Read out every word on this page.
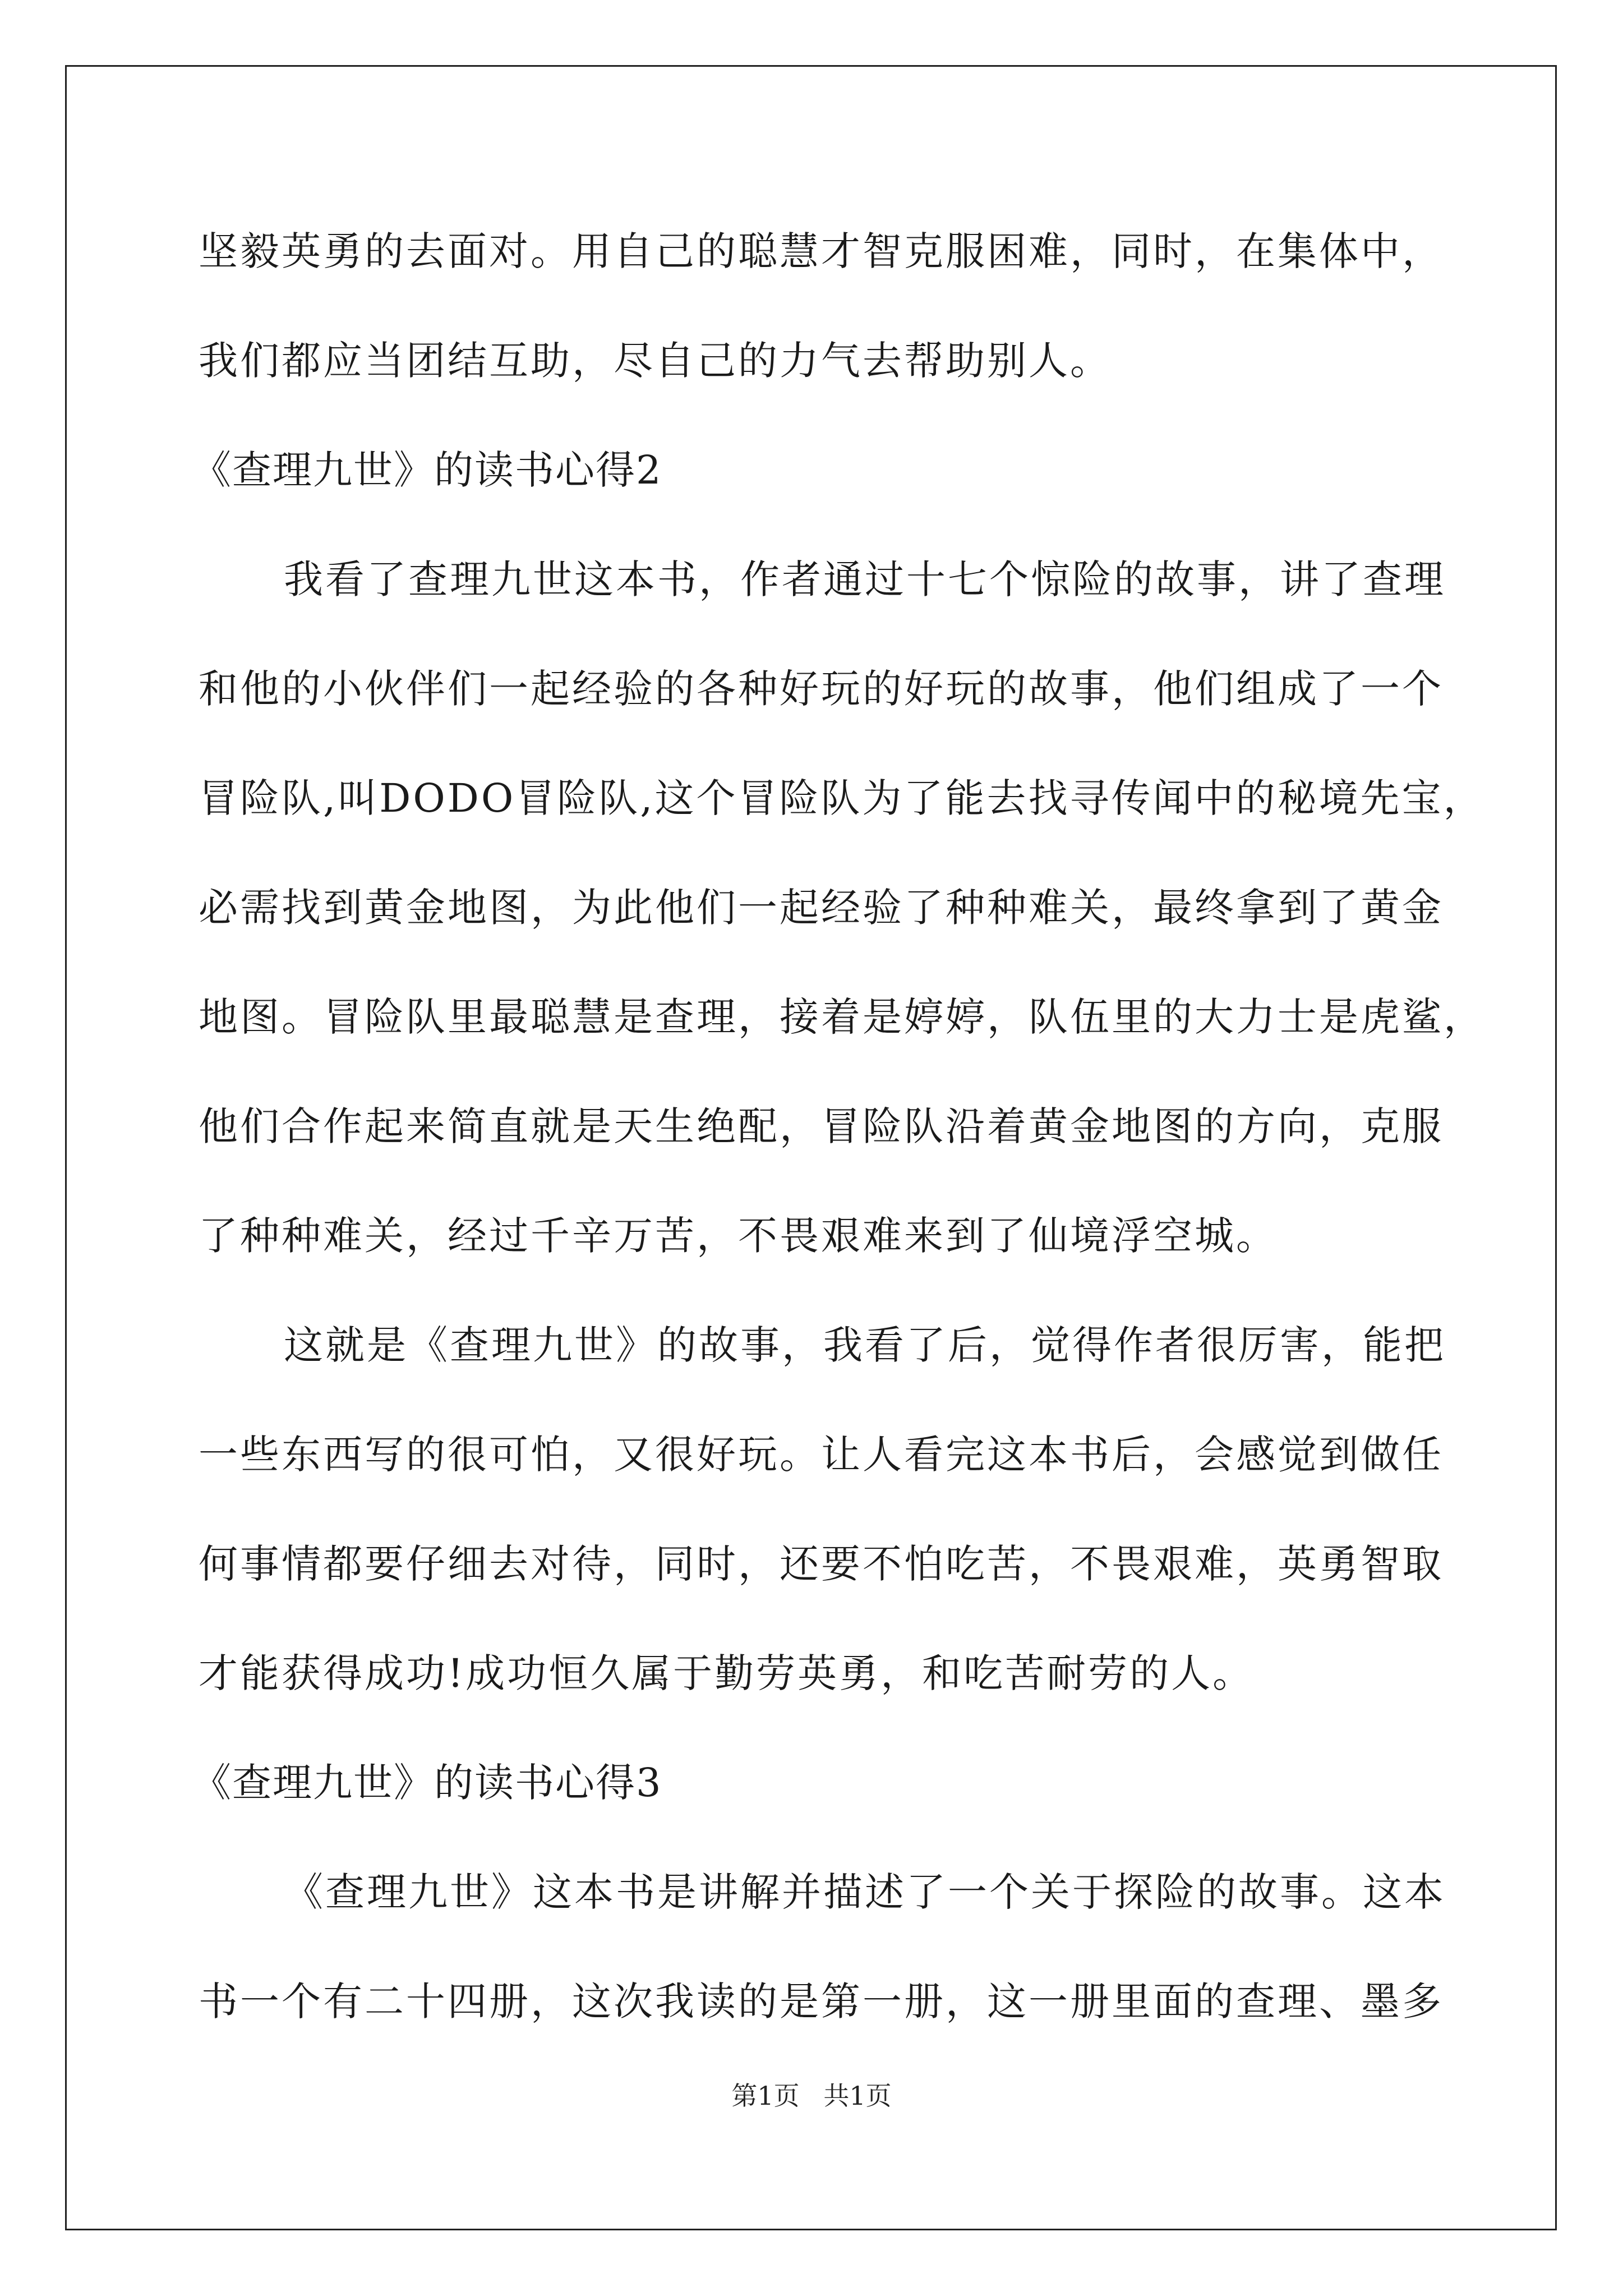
坚毅英勇的去面对。用自己的聪慧才智克服困难，同时，在集体中，
我们都应当团结互助，尽自己的力气去帮助别人。
《查理九世》的读书心得2
我看了查理九世这本书，作者通过十七个惊险的故事，讲了查理
和他的小伙伴们一起经验的各种好玩的好玩的故事，他们组成了一个
冒险队,叫DODO冒险队,这个冒险队为了能去找寻传闻中的秘境先宝，
必需找到黄金地图，为此他们一起经验了种种难关，最终拿到了黄金
地图。冒险队里最聪慧是查理，接着是婷婷，队伍里的大力士是虎鲨，
他们合作起来简直就是天生绝配，冒险队沿着黄金地图的方向，克服
了种种难关，经过千辛万苦，不畏艰难来到了仙境浮空城。
这就是《查理九世》的故事，我看了后，觉得作者很厉害，能把
一些东西写的很可怕，又很好玩。让人看完这本书后，会感觉到做任
何事情都要仔细去对待，同时，还要不怕吃苦，不畏艰难，英勇智取
才能获得成功!成功恒久属于勤劳英勇，和吃苦耐劳的人。
《查理九世》的读书心得3
《查理九世》这本书是讲解并描述了一个关于探险的故事。这本
书一个有二十四册，这次我读的是第一册，这一册里面的查理、墨多
第1页 共1页
